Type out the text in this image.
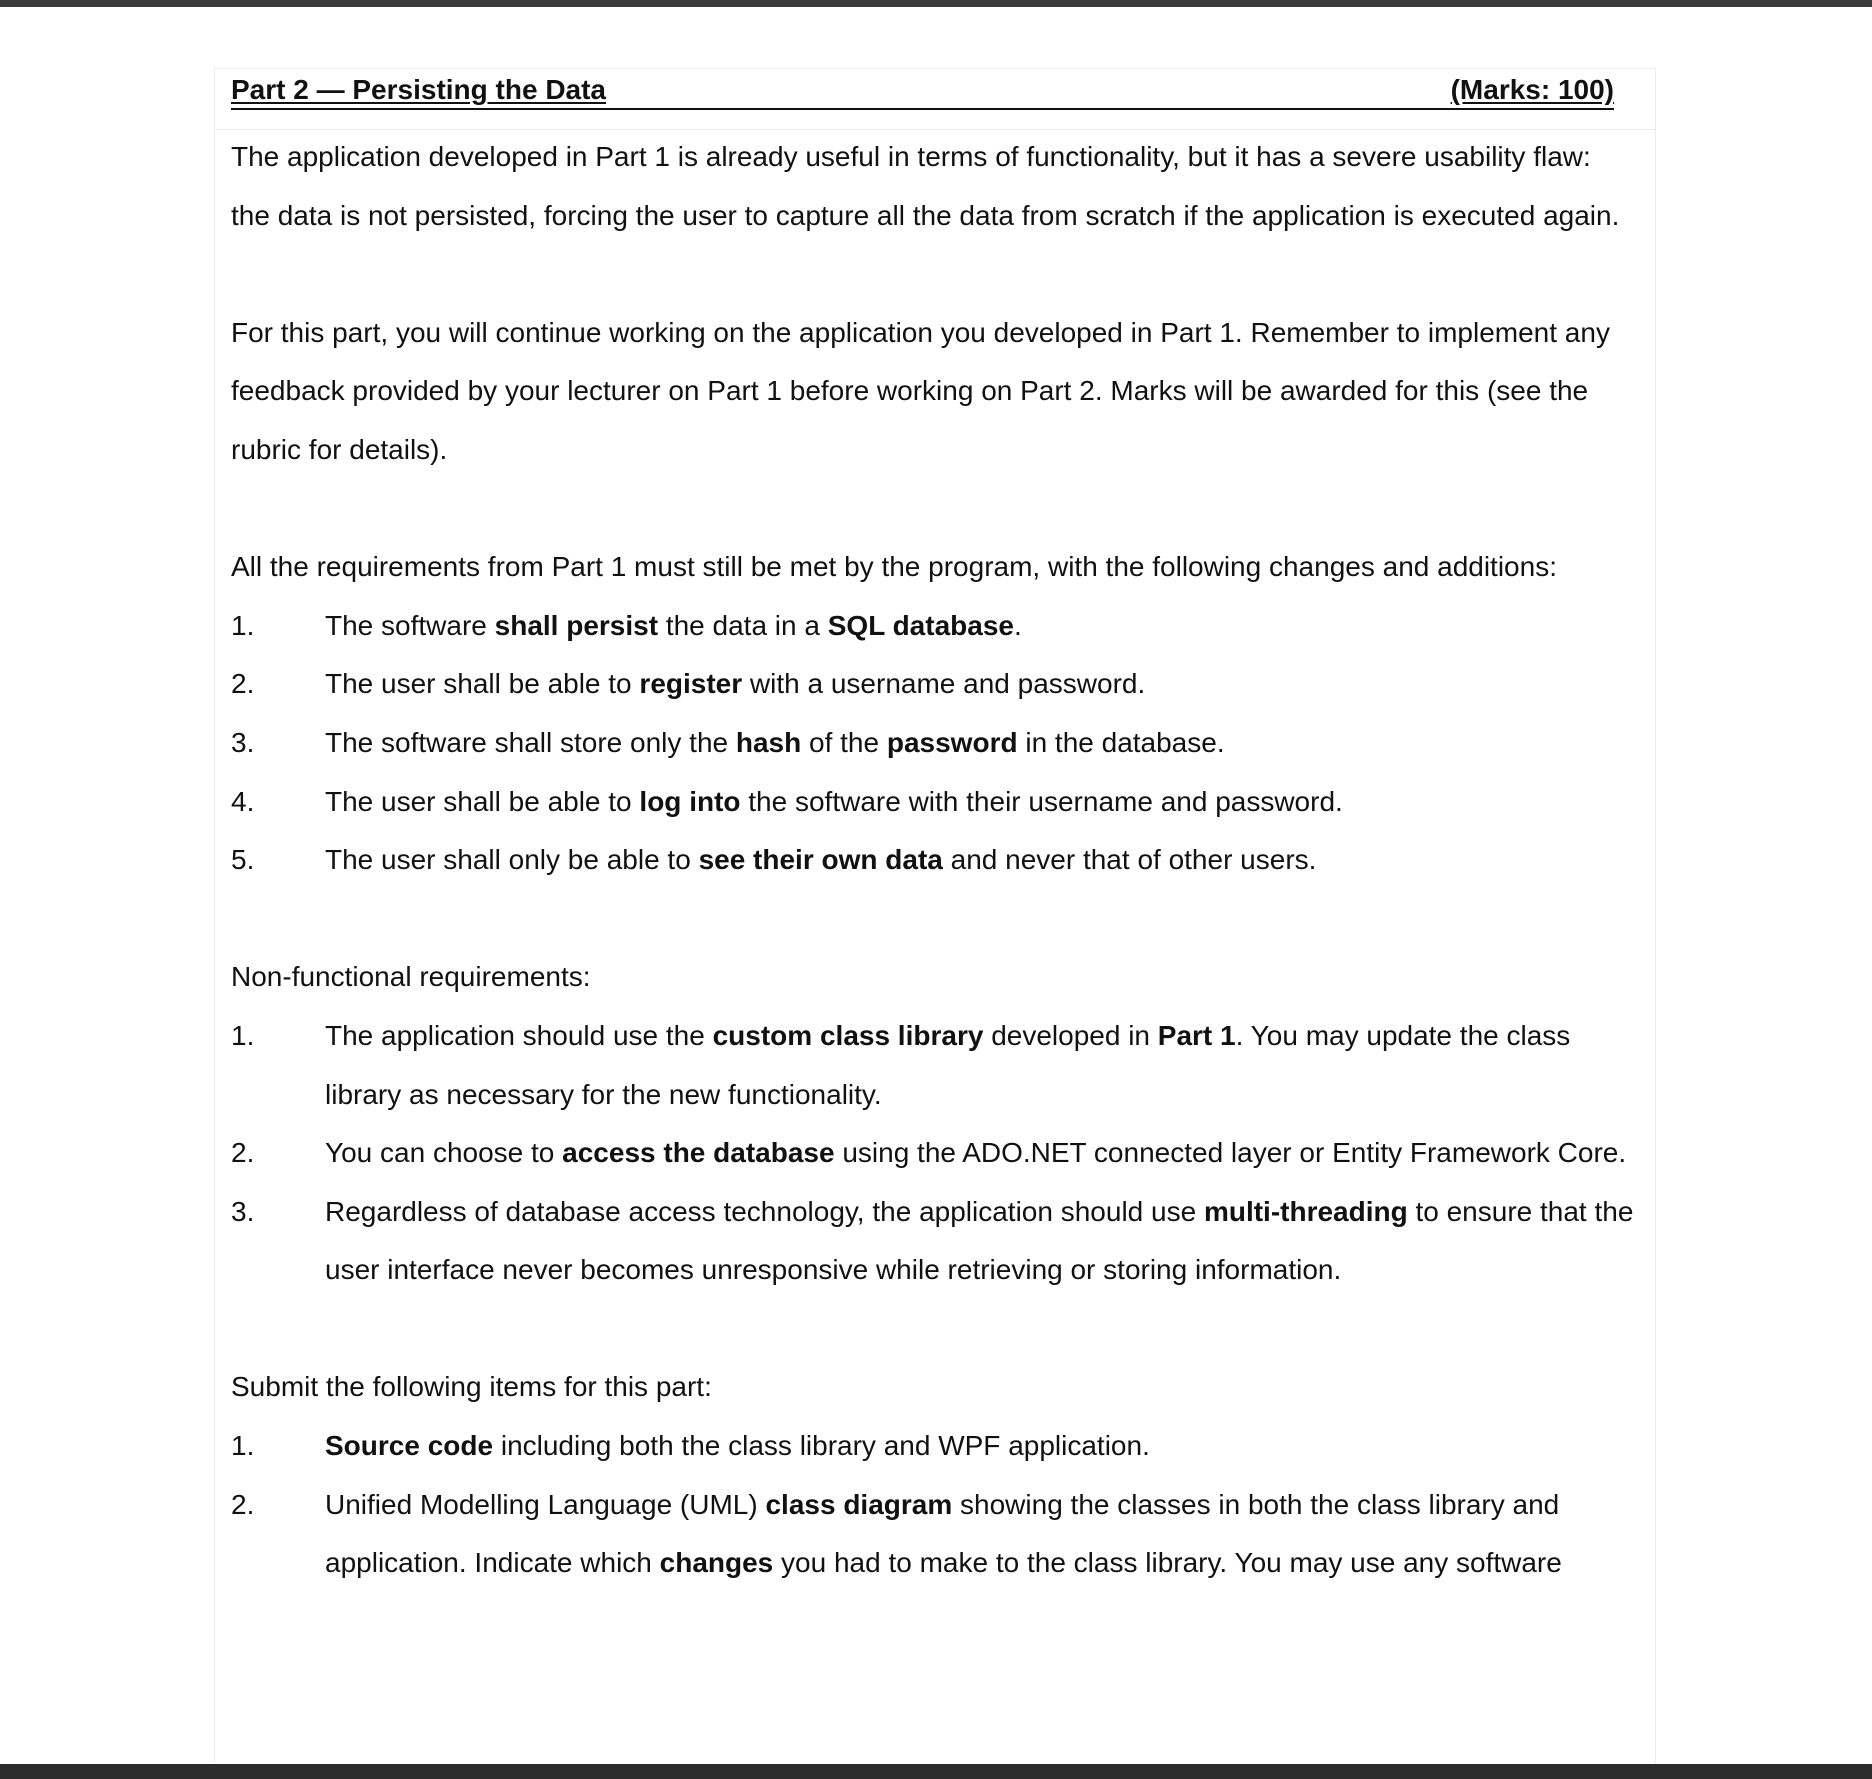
Part 2 — Persisting the Data	(Marks: 100)

The application developed in Part 1 is already useful in terms of functionality, but it has a severe usability flaw: the data is not persisted, forcing the user to capture all the data from scratch if the application is executed again.

For this part, you will continue working on the application you developed in Part 1. Remember to implement any feedback provided by your lecturer on Part 1 before working on Part 2. Marks will be awarded for this (see the rubric for details).

All the requirements from Part 1 must still be met by the program, with the following changes and additions:

1.	The software shall persist the data in a SQL database.
2.	The user shall be able to register with a username and password.
3.	The software shall store only the hash of the password in the database.
4.	The user shall be able to log into the software with their username and password.
5.	The user shall only be able to see their own data and never that of other users.

Non-functional requirements:

1.	The application should use the custom class library developed in Part 1. You may update the class library as necessary for the new functionality.
2.	You can choose to access the database using the ADO.NET connected layer or Entity Framework Core.
3.	Regardless of database access technology, the application should use multi-threading to ensure that the user interface never becomes unresponsive while retrieving or storing information.

Submit the following items for this part:

1.	Source code including both the class library and WPF application.
2.	Unified Modelling Language (UML) class diagram showing the classes in both the class library and application. Indicate which changes you had to make to the class library. You may use any software
